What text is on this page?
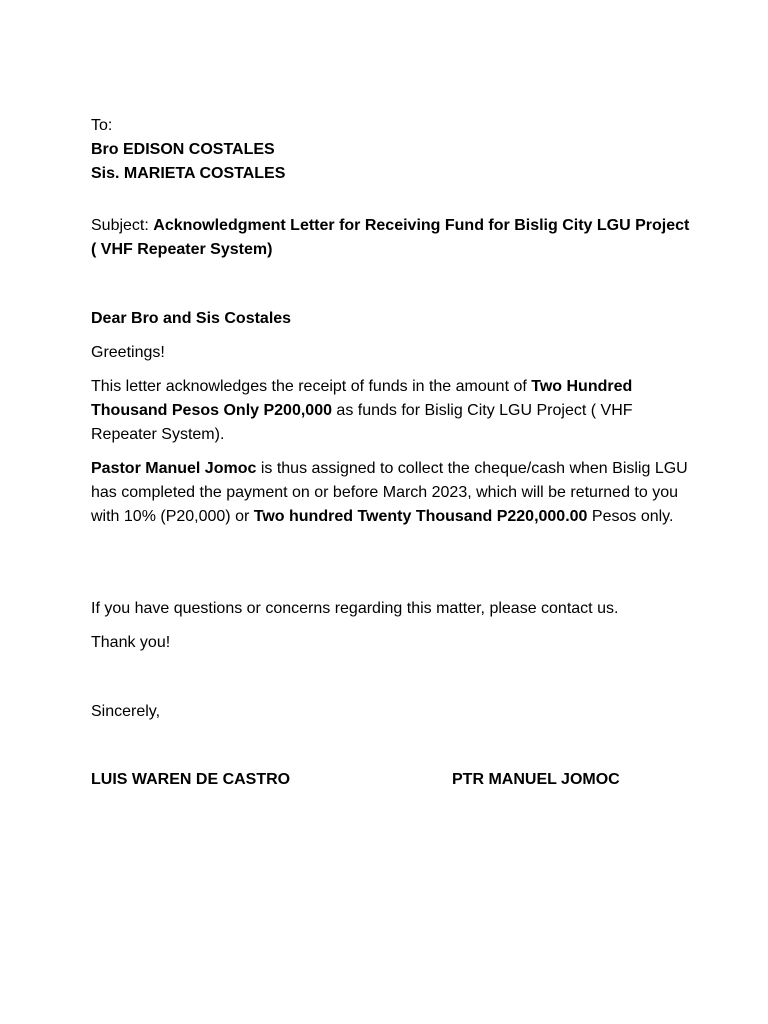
To:

Bro EDISON COSTALES

Sis. MARIETA COSTALES

Subject: Acknowledgment Letter for Receiving Fund for Bislig City LGU Project

( VHF Repeater System)

Dear Bro and Sis Costales

Greetings!

This letter acknowledges the receipt of funds in the amount of Two Hundred Thousand Pesos Only P200,000 as funds for Bislig City LGU Project ( VHF Repeater System).

Pastor Manuel Jomoc is thus assigned to collect the cheque/cash when Bislig LGU has completed the payment on or before March 2023, which will be returned to you with 10% (P20,000) or Two hundred Twenty Thousand P220,000.00 Pesos only.

If you have questions or concerns regarding this matter, please contact us.

Thank you!

Sincerely,

LUIS WAREN DE CASTRO	PTR MANUEL JOMOC
